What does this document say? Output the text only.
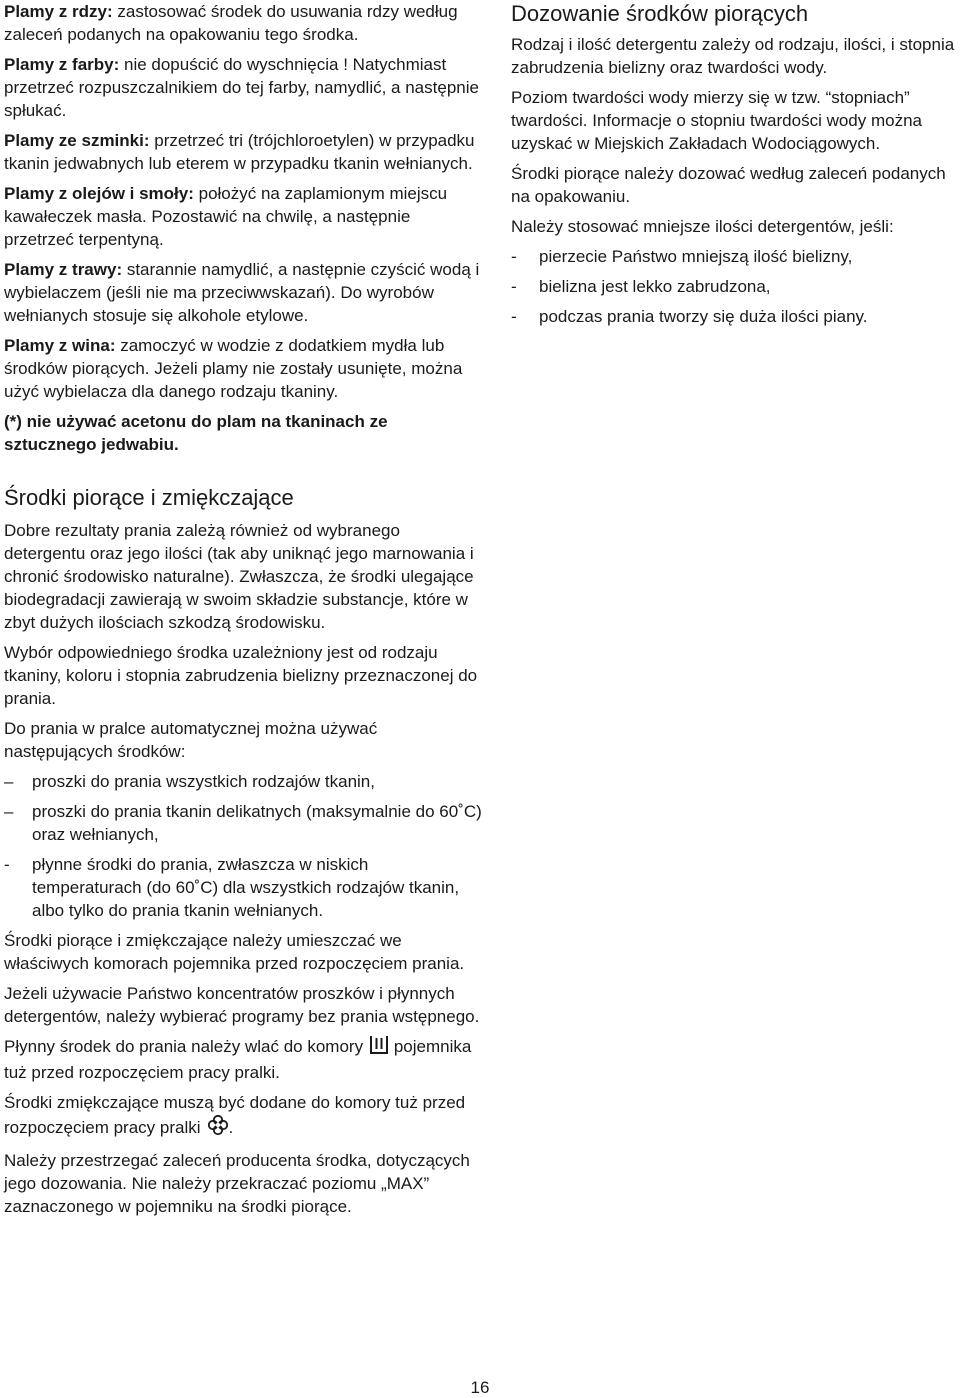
Plamy z rdzy: zastosować środek do usuwania rdzy według zaleceń podanych na opakowaniu tego środka.

Plamy z farby: nie dopuścić do wyschnięcia ! Natychmiast przetrzeć rozpuszczalnikiem do tej farby, namydlić, a następnie spłukać.

Plamy ze szminki: przetrzeć tri (trójchloroetylen) w przypadku tkanin jedwabnych lub eterem w przypadku tkanin wełnianych.

Plamy z olejów i smoły: położyć na zaplamionym miejscu kawałeczek masła. Pozostawić na chwilę, a następnie przetrzeć terpentyną.

Plamy z trawy: starannie namydlić, a następnie czyścić wodą i wybielaczem (jeśli nie ma przeciwwskazań). Do wyrobów wełnianych stosuje się alkohole etylowe.

Plamy z wina: zamoczyć w wodzie z dodatkiem mydła lub środków piorących. Jeżeli plamy nie zostały usunięte, można użyć wybielacza dla danego rodzaju tkaniny.

(*) nie używać acetonu do plam na tkaninach ze sztucznego jedwabiu.

Środki piorące i zmiękczające

Dobre rezultaty prania zależą również od wybranego detergentu oraz jego ilości (tak aby uniknąć jego marnowania i chronić środowisko naturalne). Zwłaszcza, że środki ulegające biodegradacji zawierają w swoim składzie substancje, które w zbyt dużych ilościach szkodzą środowisku.

Wybór odpowiedniego środka uzależniony jest od rodzaju tkaniny, koloru i stopnia zabrudzenia bielizny przeznaczonej do prania.

Do prania w pralce automatycznej można używać następujących środków:

– proszki do prania wszystkich rodzajów tkanin,
– proszki do prania tkanin delikatnych (maksymalnie do 60˚C) oraz wełnianych,
- płynne środki do prania, zwłaszcza w niskich temperaturach (do 60˚C) dla wszystkich rodzajów tkanin, albo tylko do prania tkanin wełnianych.

Środki piorące i zmiękczające należy umieszczać we właściwych komorach pojemnika przed rozpoczęciem prania.

Jeżeli używacie Państwo koncentratów proszków i płynnych detergentów, należy wybierać programy bez prania wstępnego.

Płynny środek do prania należy wlać do komory pojemnika tuż przed rozpoczęciem pracy pralki.

Środki zmiękczające muszą być dodane do komory tuż przed rozpoczęciem pracy pralki .

Należy przestrzegać zaleceń producenta środka, dotyczących jego dozowania. Nie należy przekraczać poziomu „MAX” zaznaczonego w pojemniku na środki piorące.

Dozowanie środków piorących

Rodzaj i ilość detergentu zależy od rodzaju, ilości, i stopnia zabrudzenia bielizny oraz twardości wody.

Poziom twardości wody mierzy się w tzw. “stopniach” twardości. Informacje o stopniu twardości wody można uzyskać w Miejskich Zakładach Wodociągowych.

Środki piorące należy dozować według zaleceń podanych na opakowaniu.

Należy stosować mniejsze ilości detergentów, jeśli:

- pierzecie Państwo mniejszą ilość bielizny,
- bielizna jest lekko zabrudzona,
- podczas prania tworzy się duża ilości piany.
16
